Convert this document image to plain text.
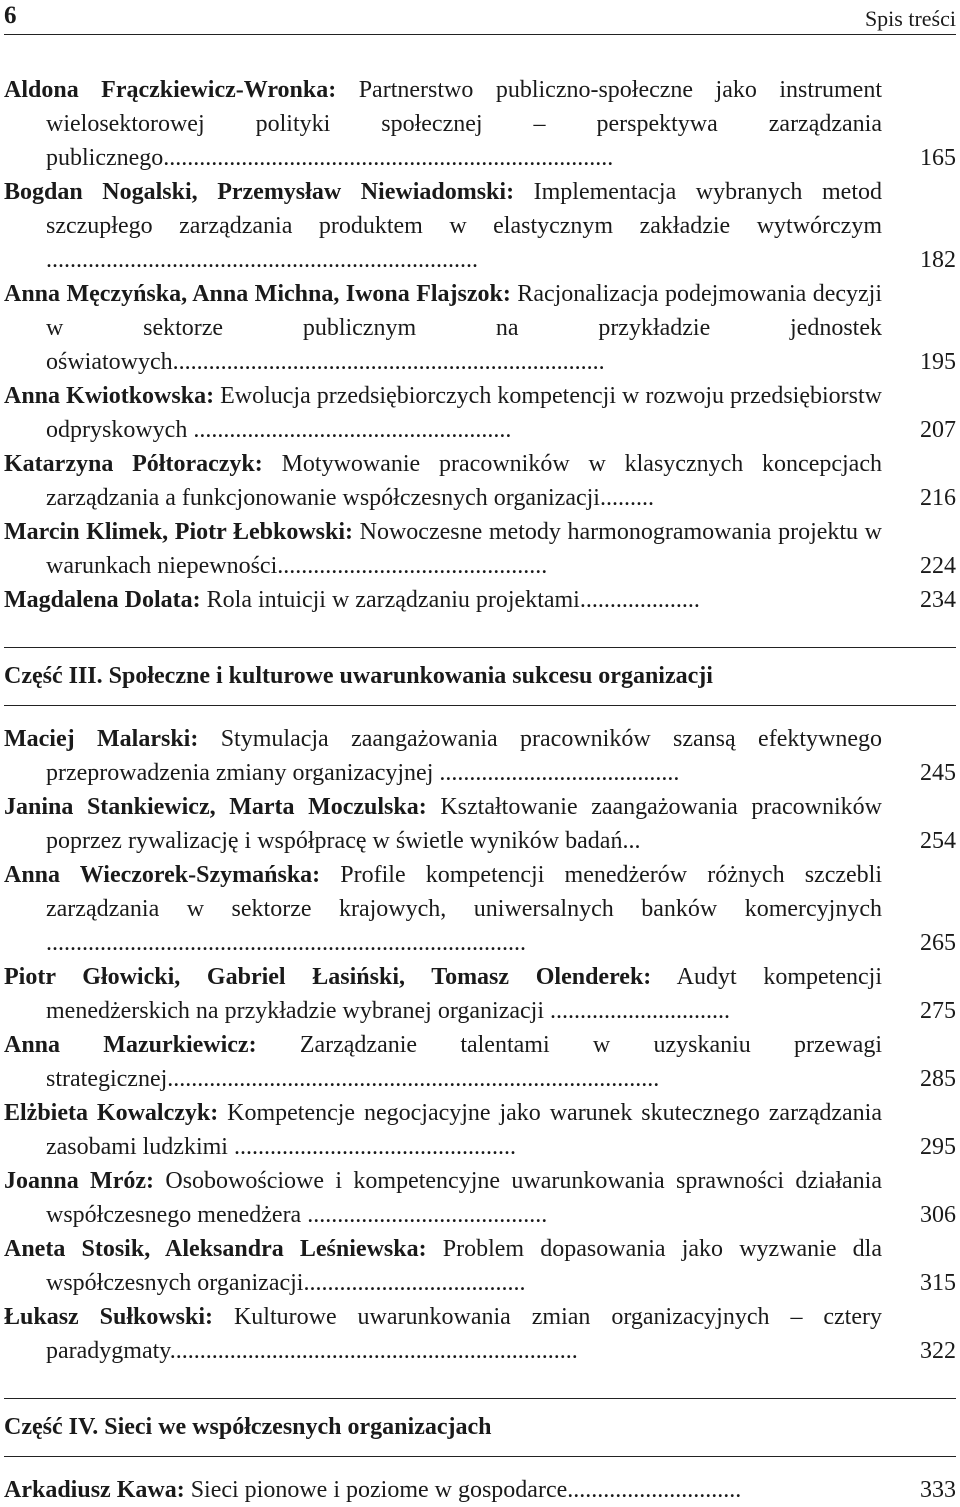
6	Spis treści
Aldona Frączkiewicz-Wronka: Partnerstwo publiczno-społeczne jako instrument wielosektorowej polityki społecznej – perspektywa zarządzania publicznego...........................................................................	165
Bogdan Nogalski, Przemysław Niewiadomski: Implementacja wybranych metod szczupłego zarządzania produktem w elastycznym zakładzie wytwórczym ........................................................................	182
Anna Męczyńska, Anna Michna, Iwona Flajszok: Racjonalizacja podejmowania decyzji w sektorze publicznym na przykładzie jednostek oświatowych........................................................................	195
Anna Kwiotkowska: Ewolucja przedsiębiorczych kompetencji w rozwoju przedsiębiorstw odpryskowych .....................................................	207
Katarzyna Półtoraczyk: Motywowanie pracowników w klasycznych koncepcjach zarządzania a funkcjonowanie współczesnych organizacji.........	216
Marcin Klimek, Piotr Łebkowski: Nowoczesne metody harmonogramowania projektu w warunkach niepewności.............................................	224
Magdalena Dolata: Rola intuicji w zarządzaniu projektami....................	234
Część III. Społeczne i kulturowe uwarunkowania sukcesu organizacji
Maciej Malarski: Stymulacja zaangażowania pracowników szansą efektywnego przeprowadzenia zmiany organizacyjnej ........................................	245
Janina Stankiewicz, Marta Moczulska: Kształtowanie zaangażowania pracowników poprzez rywalizację i współpracę w świetle wyników badań...	254
Anna Wieczorek-Szymańska: Profile kompetencji menedżerów różnych szczebli zarządzania w sektorze krajowych, uniwersalnych banków komercyjnych ................................................................................	265
Piotr Głowicki, Gabriel Łasiński, Tomasz Olenderek: Audyt kompetencji menedżerskich na przykładzie wybranej organizacji ..............................	275
Anna Mazurkiewicz: Zarządzanie talentami w uzyskaniu przewagi strategicznej..................................................................................	285
Elżbieta Kowalczyk: Kompetencje negocjacyjne jako warunek skutecznego zarządzania zasobami ludzkimi ...............................................	295
Joanna Mróz: Osobowościowe i kompetencyjne uwarunkowania sprawności działania współczesnego menedżera ........................................	306
Aneta Stosik, Aleksandra Leśniewska: Problem dopasowania jako wyzwanie dla współczesnych organizacji.....................................	315
Łukasz Sułkowski: Kulturowe uwarunkowania zmian organizacyjnych – cztery paradygmaty....................................................................	322
Część IV. Sieci we współczesnych organizacjach
Arkadiusz Kawa: Sieci pionowe i poziome w gospodarce.............................	333
